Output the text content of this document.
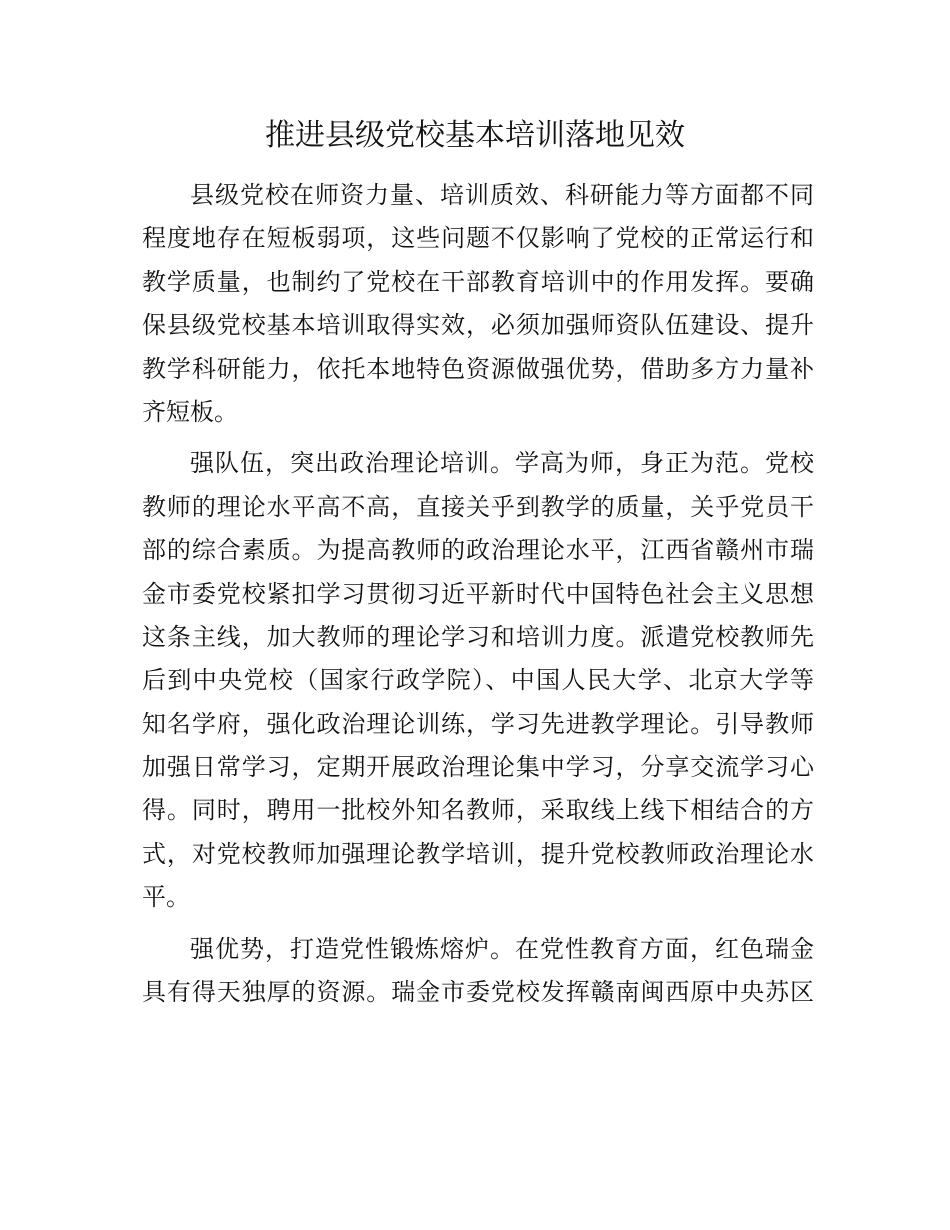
推进县级党校基本培训落地见效
县级党校在师资力量、培训质效、科研能力等方面都不同
程度地存在短板弱项，这些问题不仅影响了党校的正常运行和
教学质量，也制约了党校在干部教育培训中的作用发挥。要确
保县级党校基本培训取得实效，必须加强师资队伍建设、提升
教学科研能力，依托本地特色资源做强优势，借助多方力量补
齐短板。
强队伍，突出政治理论培训。学高为师，身正为范。党校
教师的理论水平高不高，直接关乎到教学的质量，关乎党员干
部的综合素质。为提高教师的政治理论水平，江西省赣州市瑞
金市委党校紧扣学习贯彻习近平新时代中国特色社会主义思想
这条主线，加大教师的理论学习和培训力度。派遣党校教师先
后到中央党校（国家行政学院）、中国人民大学、北京大学等
知名学府，强化政治理论训练，学习先进教学理论。引导教师
加强日常学习，定期开展政治理论集中学习，分享交流学习心
得。同时，聘用一批校外知名教师，采取线上线下相结合的方
式，对党校教师加强理论教学培训，提升党校教师政治理论水
平。
强优势，打造党性锻炼熔炉。在党性教育方面，红色瑞金
具有得天独厚的资源。瑞金市委党校发挥赣南闽西原中央苏区
